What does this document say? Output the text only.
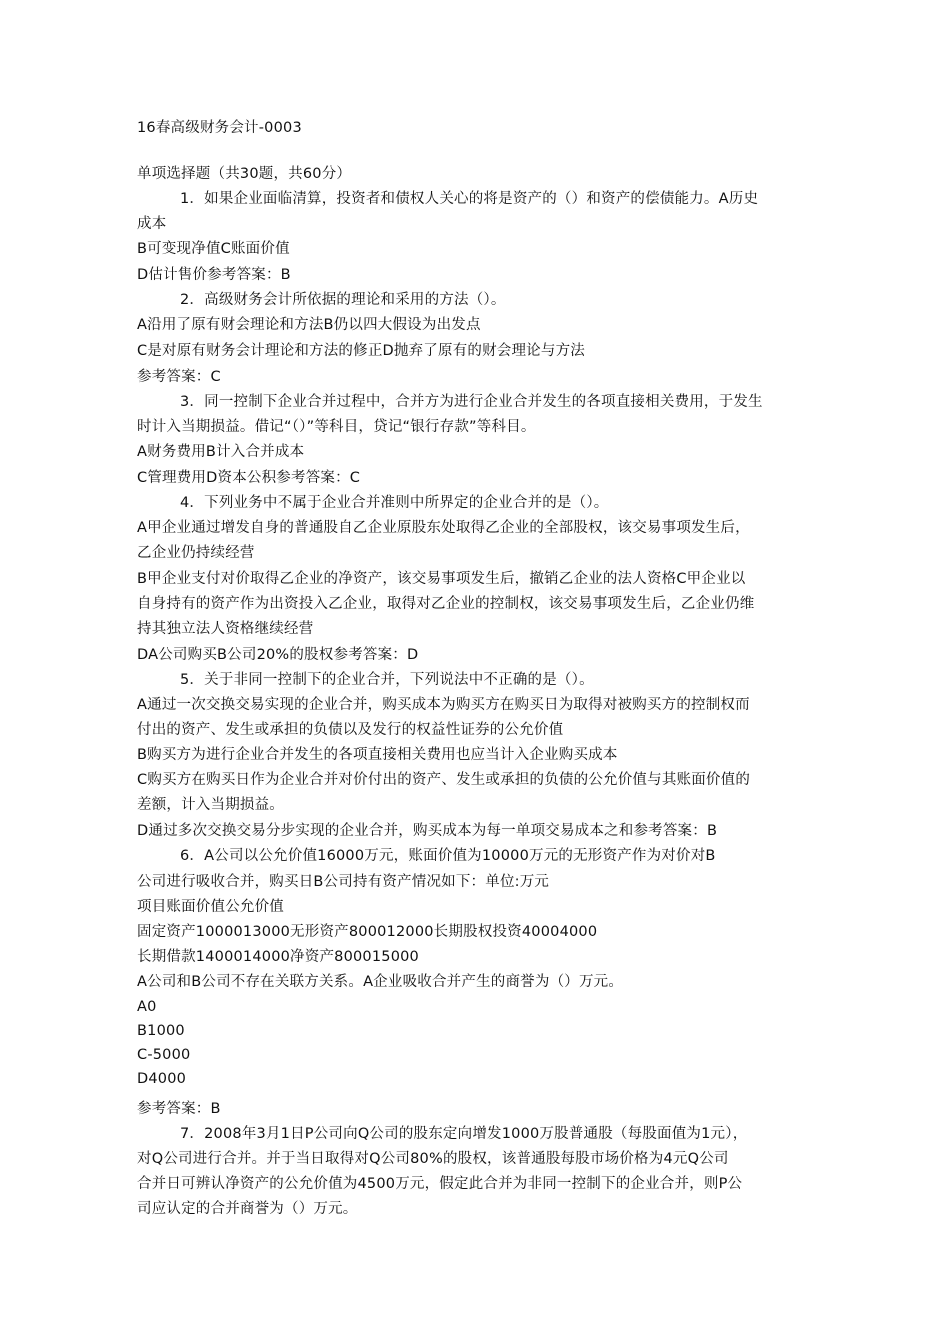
16春高级财务会计-0003
单项选择题（共30题，共60分）
1．如果企业面临清算，投资者和债权人关心的将是资产的（）和资产的偿债能力。A历史
成本
B可变现净值C账面价值
D估计售价参考答案：B
2．高级财务会计所依据的理论和采用的方法（）。
A沿用了原有财会理论和方法B仍以四大假设为出发点
C是对原有财务会计理论和方法的修正D抛弃了原有的财会理论与方法
参考答案：C
3．同一控制下企业合并过程中，合并方为进行企业合并发生的各项直接相关费用，于发生
时计入当期损益。借记“（）”等科目，贷记“银行存款”等科目。
A财务费用B计入合并成本
C管理费用D资本公积参考答案：C
4．下列业务中不属于企业合并准则中所界定的企业合并的是（）。
A甲企业通过增发自身的普通股自乙企业原股东处取得乙企业的全部股权，该交易事项发生后，
乙企业仍持续经营
B甲企业支付对价取得乙企业的净资产，该交易事项发生后，撤销乙企业的法人资格C甲企业以
自身持有的资产作为出资投入乙企业，取得对乙企业的控制权，该交易事项发生后，乙企业仍维
持其独立法人资格继续经营
DA公司购买B公司20%的股权参考答案：D
5．关于非同一控制下的企业合并，下列说法中不正确的是（）。
A通过一次交换交易实现的企业合并，购买成本为购买方在购买日为取得对被购买方的控制权而
付出的资产、发生或承担的负债以及发行的权益性证券的公允价值
B购买方为进行企业合并发生的各项直接相关费用也应当计入企业购买成本
C购买方在购买日作为企业合并对价付出的资产、发生或承担的负债的公允价值与其账面价值的
差额，计入当期损益。
D通过多次交换交易分步实现的企业合并，购买成本为每一单项交易成本之和参考答案：B
6．A公司以公允价值16000万元，账面价值为10000万元的无形资产作为对价对B
公司进行吸收合并，购买日B公司持有资产情况如下：单位:万元
项目账面价值公允价值
固定资产1000013000无形资产800012000长期股权投资40004000
长期借款1400014000净资产800015000
A公司和B公司不存在关联方关系。A企业吸收合并产生的商誉为（）万元。
A0
B1000
C-5000
D4000
参考答案：B
7．2008年3月1日P公司向Q公司的股东定向增发1000万股普通股（每股面值为1元），
对Q公司进行合并。并于当日取得对Q公司80%的股权，该普通股每股市场价格为4元Q公司
合并日可辨认净资产的公允价值为4500万元，假定此合并为非同一控制下的企业合并，则P公
司应认定的合并商誉为（）万元。
